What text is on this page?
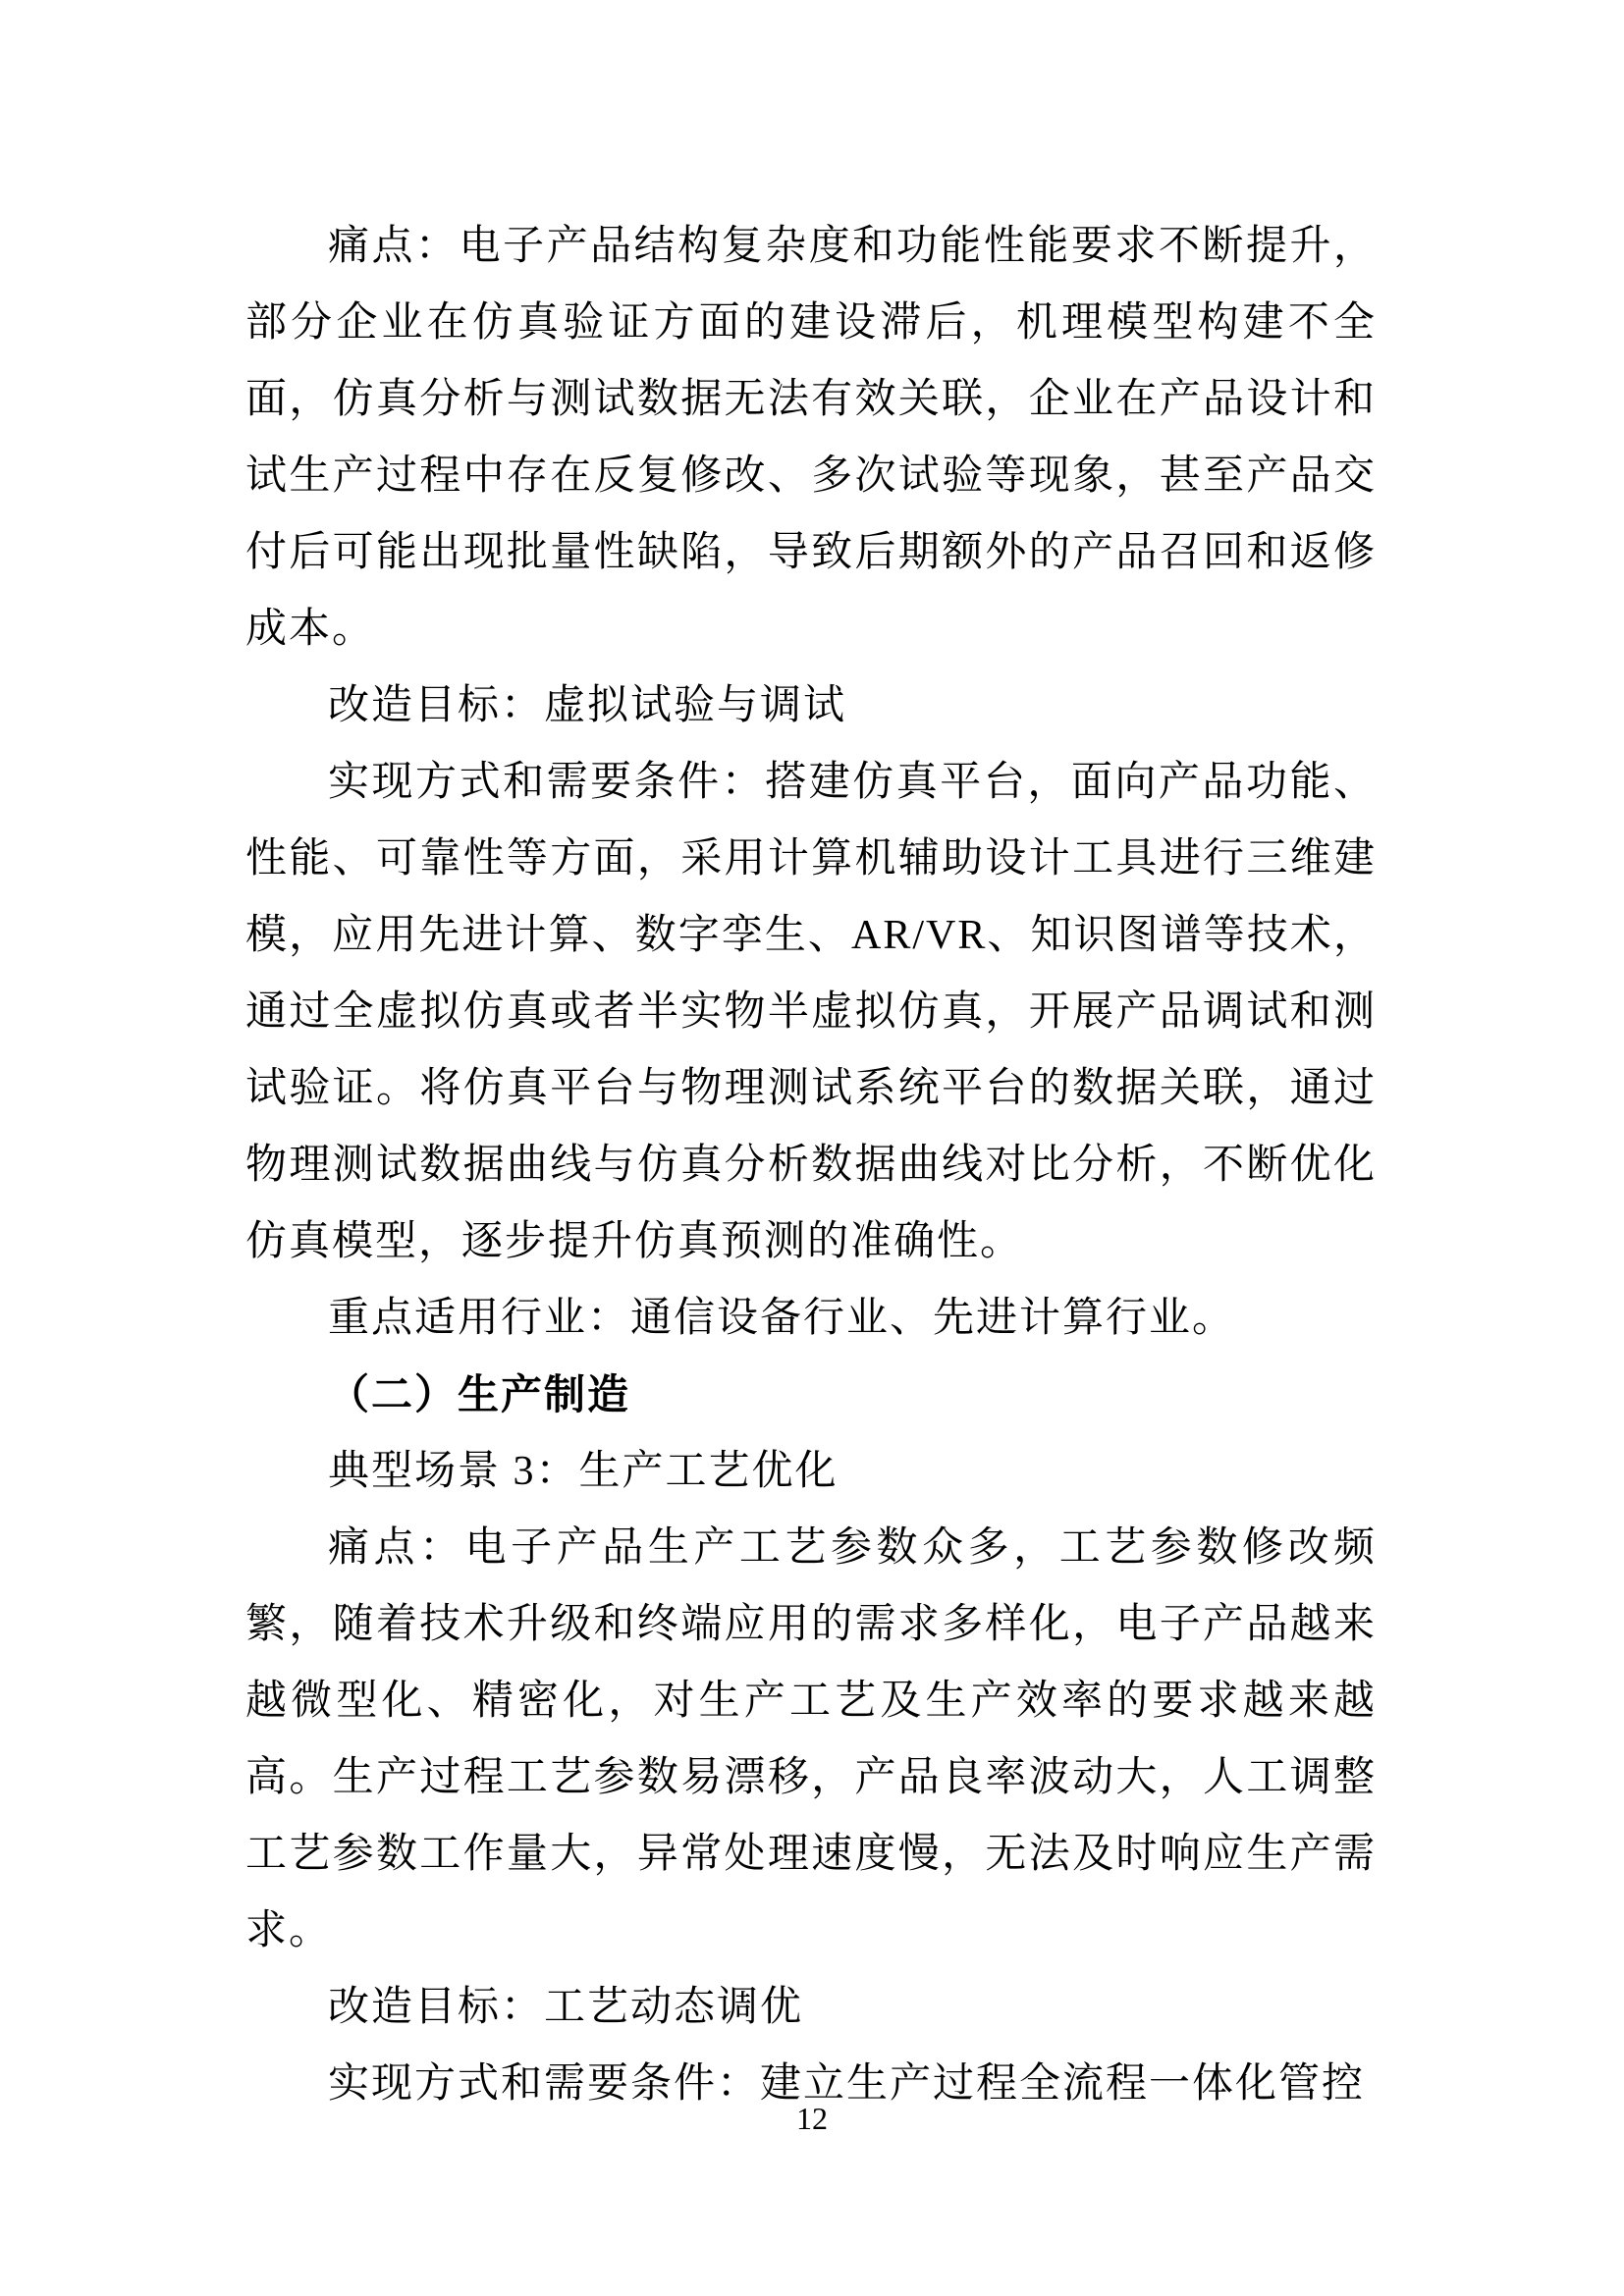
痛点：电子产品结构复杂度和功能性能要求不断提升，部分企业在仿真验证方面的建设滞后，机理模型构建不全面，仿真分析与测试数据无法有效关联，企业在产品设计和试生产过程中存在反复修改、多次试验等现象，甚至产品交付后可能出现批量性缺陷，导致后期额外的产品召回和返修成本。

改造目标：虚拟试验与调试

实现方式和需要条件：搭建仿真平台，面向产品功能、性能、可靠性等方面，采用计算机辅助设计工具进行三维建模，应用先进计算、数字孪生、AR/VR、知识图谱等技术，通过全虚拟仿真或者半实物半虚拟仿真，开展产品调试和测试验证。将仿真平台与物理测试系统平台的数据关联，通过物理测试数据曲线与仿真分析数据曲线对比分析，不断优化仿真模型，逐步提升仿真预测的准确性。

重点适用行业：通信设备行业、先进计算行业。

（二）生产制造

典型场景 3：生产工艺优化

痛点：电子产品生产工艺参数众多，工艺参数修改频繁，随着技术升级和终端应用的需求多样化，电子产品越来越微型化、精密化，对生产工艺及生产效率的要求越来越高。生产过程工艺参数易漂移，产品良率波动大，人工调整工艺参数工作量大，异常处理速度慢，无法及时响应生产需求。

改造目标：工艺动态调优

实现方式和需要条件：建立生产过程全流程一体化管控

12
